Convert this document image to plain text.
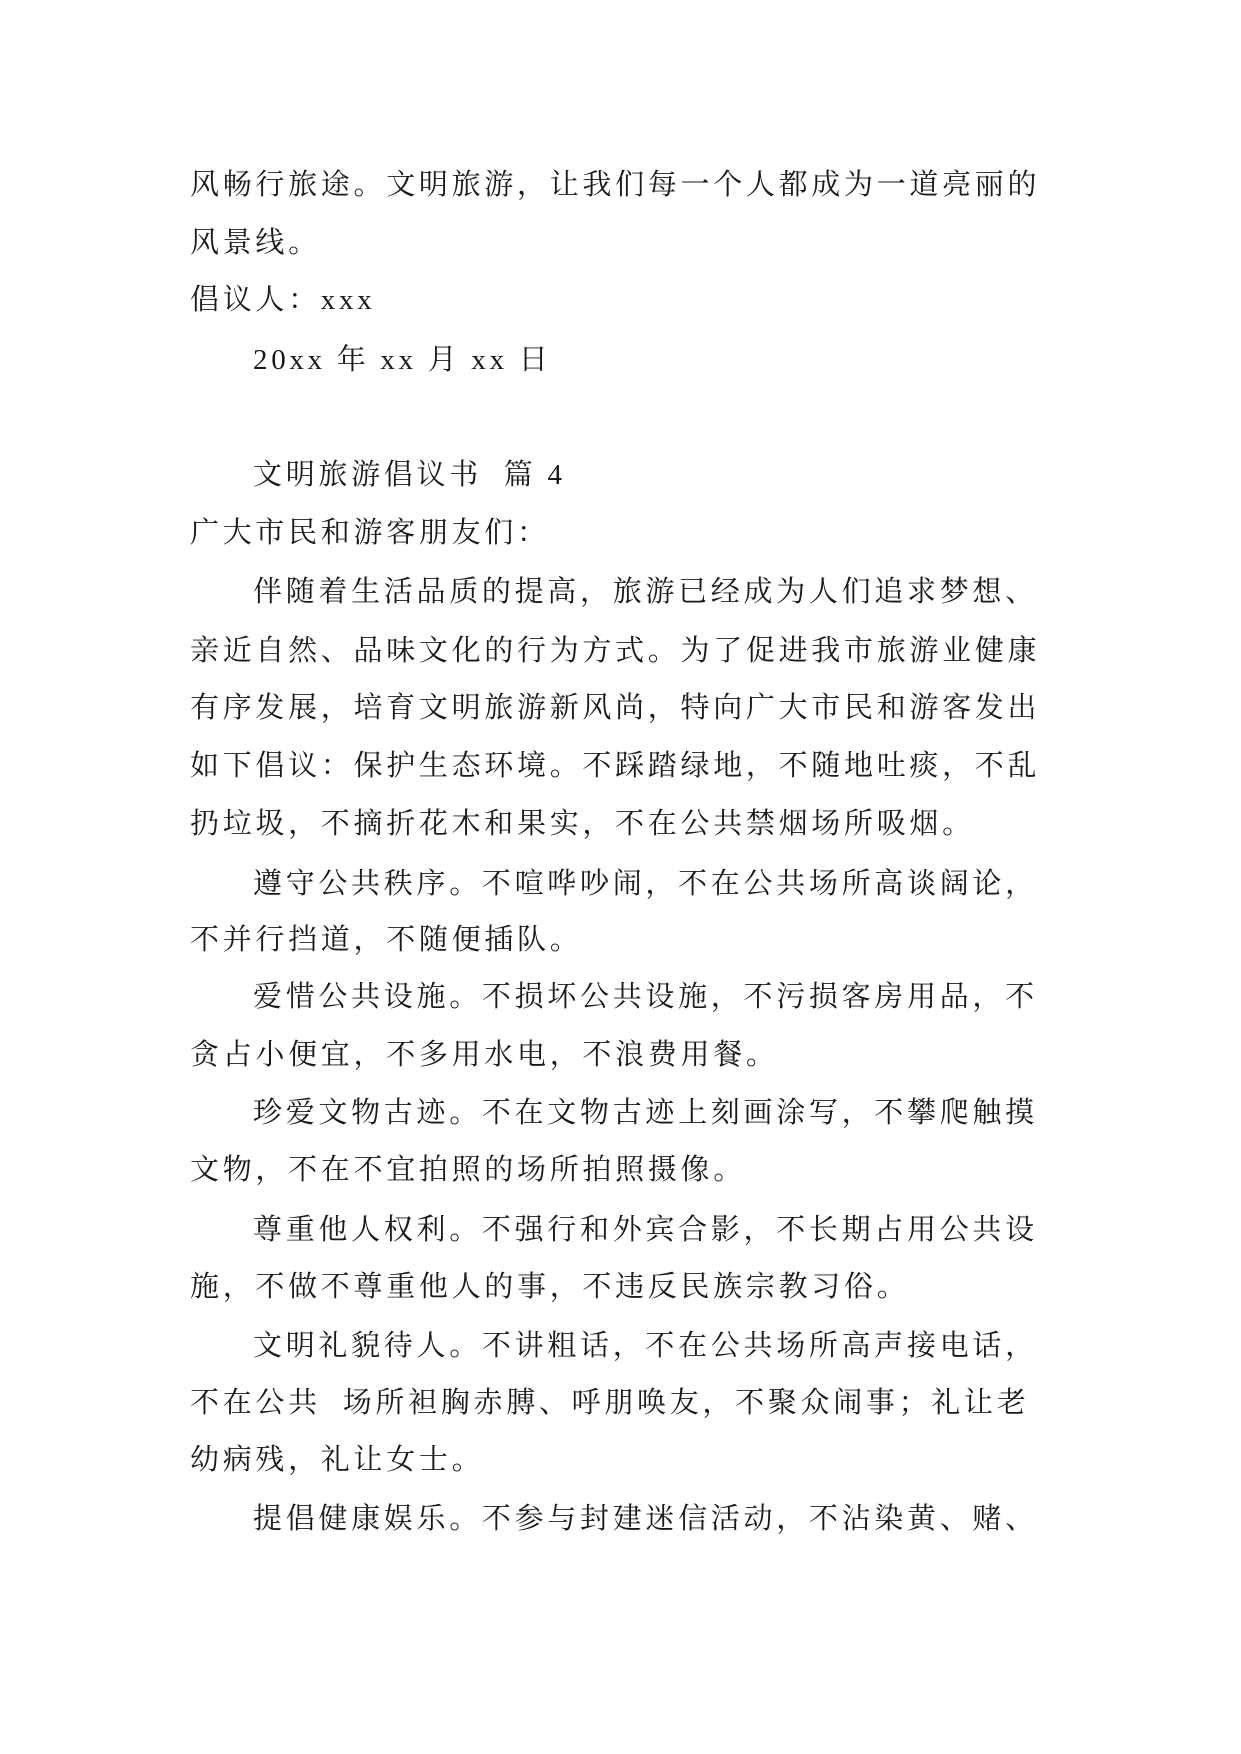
风畅行旅途。文明旅游，让我们每一个人都成为一道亮丽的
风景线。
倡议人：xxx
20xx 年 xx 月 xx 日
文明旅游倡议书  篇 4
广大市民和游客朋友们：
伴随着生活品质的提高，旅游已经成为人们追求梦想、
亲近自然、品味文化的行为方式。为了促进我市旅游业健康
有序发展，培育文明旅游新风尚，特向广大市民和游客发出
如下倡议：保护生态环境。不踩踏绿地，不随地吐痰，不乱
扔垃圾，不摘折花木和果实，不在公共禁烟场所吸烟。
遵守公共秩序。不喧哗吵闹，不在公共场所高谈阔论，
不并行挡道，不随便插队。
爱惜公共设施。不损坏公共设施，不污损客房用品，不
贪占小便宜，不多用水电，不浪费用餐。
珍爱文物古迹。不在文物古迹上刻画涂写，不攀爬触摸
文物，不在不宜拍照的场所拍照摄像。
尊重他人权利。不强行和外宾合影，不长期占用公共设
施，不做不尊重他人的事，不违反民族宗教习俗。
文明礼貌待人。不讲粗话，不在公共场所高声接电话，
不在公共  场所袒胸赤膊、呼朋唤友，不聚众闹事；礼让老
幼病残，礼让女士。
提倡健康娱乐。不参与封建迷信活动，不沾染黄、赌、
